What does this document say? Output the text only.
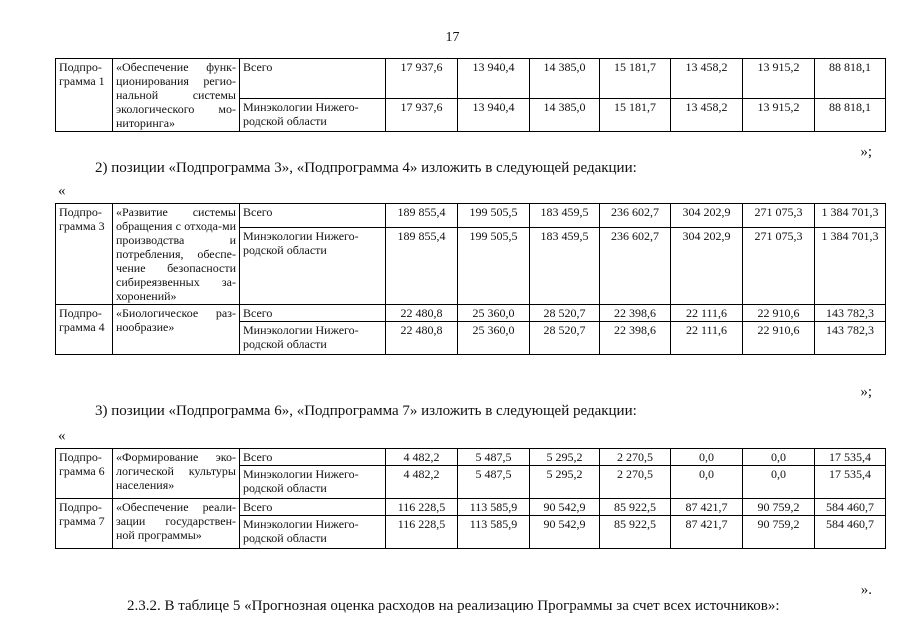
17
Подпро-грамма 1	«Обеспечение функ-ционирования регио-нальной системы экологического мо-ниторинга»	Всего	17 937,6	13 940,4	14 385,0	15 181,7	13 458,2	13 915,2	88 818,1
		Минэкологии Нижего-родской области	17 937,6	13 940,4	14 385,0	15 181,7	13 458,2	13 915,2	88 818,1
»;
2) позиции «Подпрограмма 3», «Подпрограмма 4» изложить в следующей редакции:
«
Подпро-грамма 3	«Развитие системы обращения с отхода-ми производства и потребления, обеспе-чение безопасности сибиреязвенных за-хоронений»	Всего	189 855,4	199 505,5	183 459,5	236 602,7	304 202,9	271 075,3	1 384 701,3
		Минэкологии Нижего-родской области	189 855,4	199 505,5	183 459,5	236 602,7	304 202,9	271 075,3	1 384 701,3
Подпро-грамма 4	«Биологическое раз-нообразие»	Всего	22 480,8	25 360,0	28 520,7	22 398,6	22 111,6	22 910,6	143 782,3
		Минэкологии Нижего-родской области	22 480,8	25 360,0	28 520,7	22 398,6	22 111,6	22 910,6	143 782,3
»;
3) позиции «Подпрограмма 6», «Подпрограмма 7» изложить в следующей редакции:
«
Подпро-грамма 6	«Формирование эко-логической культуры населения»	Всего	4 482,2	5 487,5	5 295,2	2 270,5	0,0	0,0	17 535,4
		Минэкологии Нижего-родской области	4 482,2	5 487,5	5 295,2	2 270,5	0,0	0,0	17 535,4
Подпро-грамма 7	«Обеспечение реали-зации государствен-ной программы»	Всего	116 228,5	113 585,9	90 542,9	85 922,5	87 421,7	90 759,2	584 460,7
		Минэкологии Нижего-родской области	116 228,5	113 585,9	90 542,9	85 922,5	87 421,7	90 759,2	584 460,7
».
2.3.2. В таблице 5 «Прогнозная оценка расходов на реализацию Программы за счет всех источников»:
